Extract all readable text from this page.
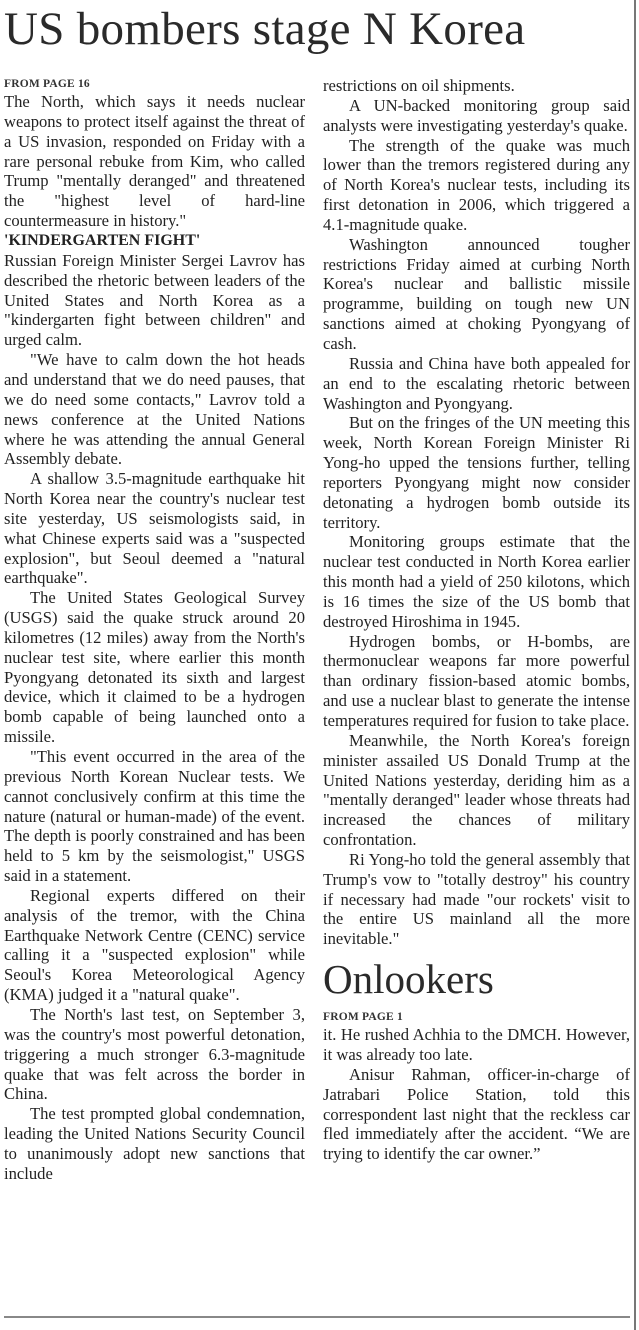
US bombers stage N Korea
FROM PAGE 16

The North, which says it needs nuclear weapons to protect itself against the threat of a US invasion, responded on Friday with a rare personal rebuke from Kim, who called Trump "mentally deranged" and threatened the "highest level of hard-line countermeasure in history."

'KINDERGARTEN FIGHT'

Russian Foreign Minister Sergei Lavrov has described the rhetoric between leaders of the United States and North Korea as a "kindergarten fight between children" and urged calm.

"We have to calm down the hot heads and understand that we do need pauses, that we do need some contacts," Lavrov told a news conference at the United Nations where he was attending the annual General Assembly debate.

A shallow 3.5-magnitude earthquake hit North Korea near the country's nuclear test site yesterday, US seismologists said, in what Chinese experts said was a "suspected explosion", but Seoul deemed a "natural earthquake".

The United States Geological Survey (USGS) said the quake struck around 20 kilometres (12 miles) away from the North's nuclear test site, where earlier this month Pyongyang detonated its sixth and largest device, which it claimed to be a hydrogen bomb capable of being launched onto a missile.

"This event occurred in the area of the previous North Korean Nuclear tests. We cannot conclusively confirm at this time the nature (natural or human-made) of the event. The depth is poorly constrained and has been held to 5 km by the seismologist," USGS said in a statement.

Regional experts differed on their analysis of the tremor, with the China Earthquake Network Centre (CENC) service calling it a "suspected explosion" while Seoul's Korea Meteorological Agency (KMA) judged it a "natural quake".

The North's last test, on September 3, was the country's most powerful detonation, triggering a much stronger 6.3-magnitude quake that was felt across the border in China.

The test prompted global condemnation, leading the United Nations Security Council to unanimously adopt new sanctions that include

restrictions on oil shipments.

A UN-backed monitoring group said analysts were investigating yesterday's quake.

The strength of the quake was much lower than the tremors registered during any of North Korea's nuclear tests, including its first detonation in 2006, which triggered a 4.1-magnitude quake.

Washington announced tougher restrictions Friday aimed at curbing North Korea's nuclear and ballistic missile programme, building on tough new UN sanctions aimed at choking Pyongyang of cash.

Russia and China have both appealed for an end to the escalating rhetoric between Washington and Pyongyang.

But on the fringes of the UN meeting this week, North Korean Foreign Minister Ri Yong-ho upped the tensions further, telling reporters Pyongyang might now consider detonating a hydrogen bomb outside its territory.

Monitoring groups estimate that the nuclear test conducted in North Korea earlier this month had a yield of 250 kilotons, which is 16 times the size of the US bomb that destroyed Hiroshima in 1945.

Hydrogen bombs, or H-bombs, are thermonuclear weapons far more powerful than ordinary fission-based atomic bombs, and use a nuclear blast to generate the intense temperatures required for fusion to take place.

Meanwhile, the North Korea's foreign minister assailed US Donald Trump at the United Nations yesterday, deriding him as a "mentally deranged" leader whose threats had increased the chances of military confrontation.

Ri Yong-ho told the general assembly that Trump's vow to "totally destroy" his country if necessary had made "our rockets' visit to the entire US mainland all the more inevitable."

Onlookers
FROM PAGE 1

it. He rushed Achhia to the DMCH. However, it was already too late.

Anisur Rahman, officer-in-charge of Jatrabari Police Station, told this correspondent last night that the reckless car fled immediately after the accident. “We are trying to identify the car owner.”
